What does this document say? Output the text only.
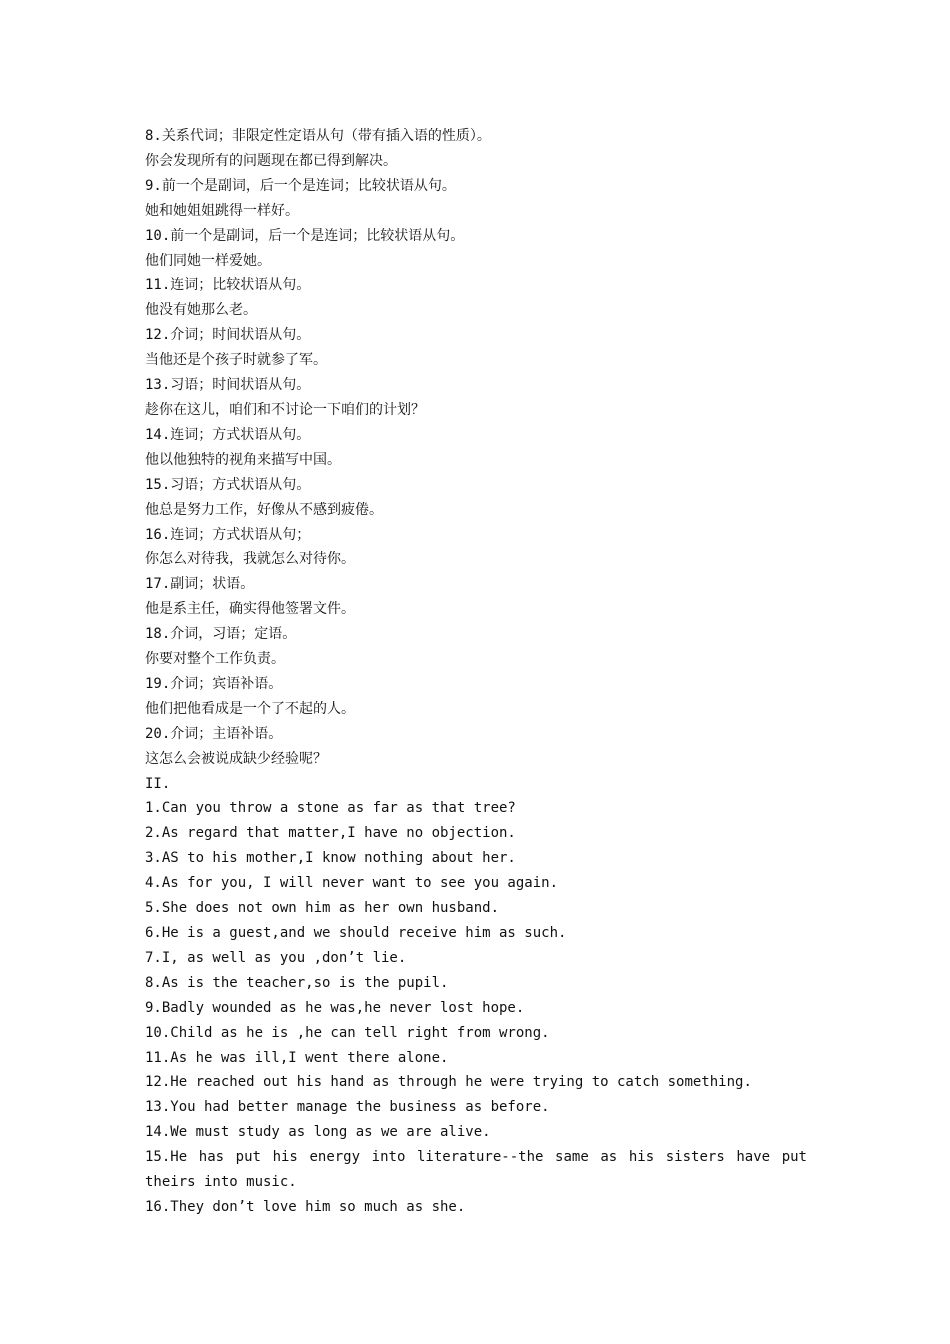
8.关系代词；非限定性定语从句（带有插入语的性质）。

你会发现所有的问题现在都已得到解决。

9.前一个是副词，后一个是连词；比较状语从句。

她和她姐姐跳得一样好。

10.前一个是副词，后一个是连词；比较状语从句。

他们同她一样爱她。

11.连词；比较状语从句。

他没有她那么老。

12.介词；时间状语从句。

当他还是个孩子时就参了军。

13.习语；时间状语从句。

趁你在这儿，咱们和不讨论一下咱们的计划？

14.连词；方式状语从句。

他以他独特的视角来描写中国。

15.习语；方式状语从句。

他总是努力工作，好像从不感到疲倦。

16.连词；方式状语从句；

你怎么对待我，我就怎么对待你。

17.副词；状语。

他是系主任，确实得他签署文件。

18.介词，习语；定语。

你要对整个工作负责。

19.介词；宾语补语。

他们把他看成是一个了不起的人。

20.介词；主语补语。

这怎么会被说成缺少经验呢？

II.

1.Can you throw a stone as far as that tree?

2.As regard that matter,I have no objection.

3.AS to his mother,I know nothing about her.

4.As for you, I will never want to see you again.

5.She does not own him as her own husband.

6.He is a guest,and we should receive him as such.

7.I, as well as you ,don’t lie.

8.As is the teacher,so is the pupil.

9.Badly wounded as he was,he never lost hope.

10.Child as he is ,he can tell right from wrong.

11.As he was ill,I went there alone.

12.He reached out his hand as through he were trying to catch something.

13.You had better manage the business as before.

14.We must study as long as we are alive.

15.He has put his energy into literature--the same as his sisters have put theirs into music.

16.They don’t love him so much as she.
